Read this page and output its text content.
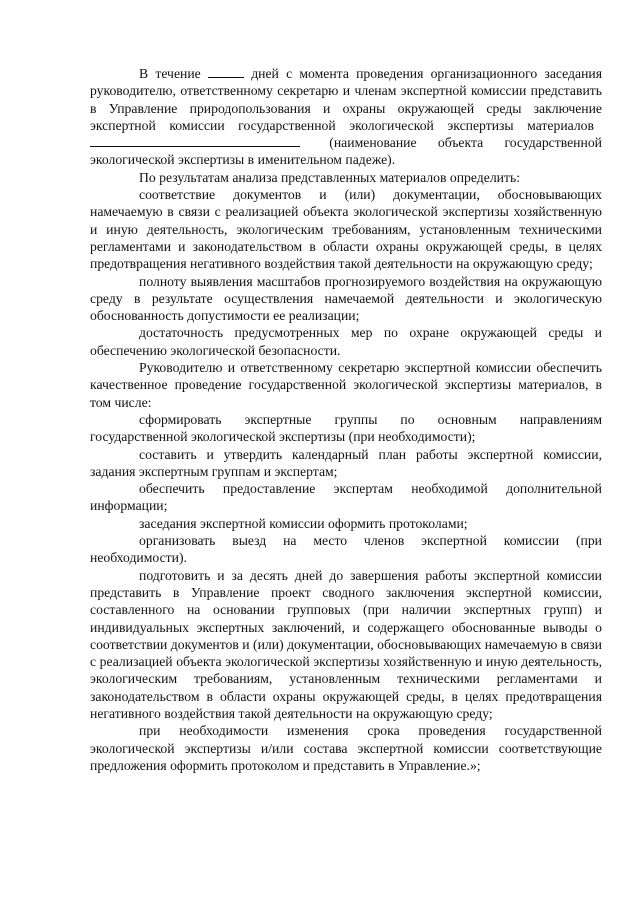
В течение	дней с момента проведения организационного заседания руководителю, ответственному секретарю и членам экспертной комиссии представить в Управление природопользования и охраны окружающей среды заключение экспертной комиссии государственной экологической экспертизы материалов (наименование объекта государственной экологической экспертизы в именительном падеже).

По результатам анализа представленных материалов определить:

соответствие документов и (или) документации, обосновывающих намечаемую в связи с реализацией объекта экологической экспертизы хозяйственную и иную деятельность, экологическим требованиям, установленным техническими регламентами и законодательством в области охраны окружающей среды, в целях предотвращения негативного воздействия такой деятельности на окружающую среду;

полноту выявления масштабов прогнозируемого воздействия на окружающую среду в результате осуществления намечаемой деятельности и экологическую обоснованность допустимости ее реализации;

достаточность предусмотренных мер по охране окружающей среды и обеспечению экологической безопасности.

Руководителю и ответственному секретарю экспертной комиссии обеспечить качественное проведение государственной экологической экспертизы материалов, в том числе:

сформировать экспертные группы по основным направлениям государственной экологической экспертизы (при необходимости);

составить и утвердить календарный план работы экспертной комиссии, задания экспертным группам и экспертам;

обеспечить предоставление экспертам необходимой дополнительной информации;

заседания экспертной комиссии оформить протоколами;

организовать выезд на место членов экспертной комиссии (при необходимости).

подготовить и за десять дней до завершения работы экспертной комиссии представить в Управление проект сводного заключения экспертной комиссии, составленного на основании групповых (при наличии экспертных групп) и индивидуальных экспертных заключений, и содержащего обоснованные выводы о соответствии документов и (или) документации, обосновывающих намечаемую в связи с реализацией объекта экологической экспертизы хозяйственную и иную деятельность, экологическим требованиям, установленным техническими регламентами и законодательством в области охраны окружающей среды, в целях предотвращения негативного воздействия такой деятельности на окружающую среду;

при необходимости изменения срока проведения государственной экологической экспертизы и/или состава экспертной комиссии соответствующие предложения оформить протоколом и представить в Управление.»;
